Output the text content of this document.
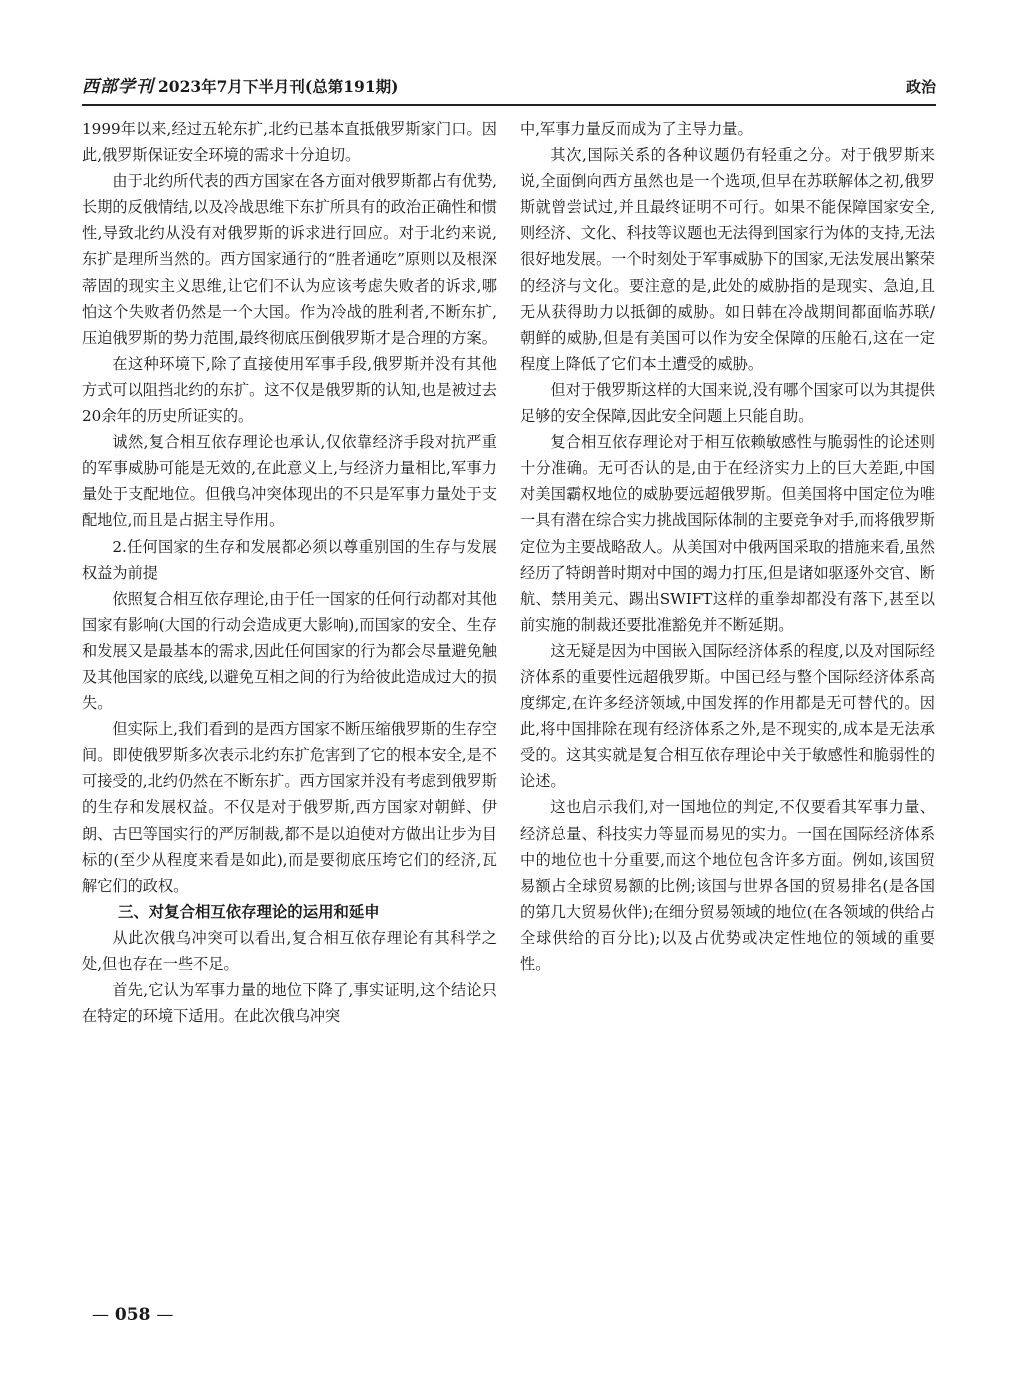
西部学刊 2023年7月下半月刊(总第191期)	政治

1999年以来,经过五轮东扩,北约已基本直抵俄罗斯家门口。因此,俄罗斯保证安全环境的需求十分迫切。

由于北约所代表的西方国家在各方面对俄罗斯都占有优势,长期的反俄情结,以及冷战思维下东扩所具有的政治正确性和惯性,导致北约从没有对俄罗斯的诉求进行回应。对于北约来说,东扩是理所当然的。西方国家通行的“胜者通吃”原则以及根深蒂固的现实主义思维,让它们不认为应该考虑失败者的诉求,哪怕这个失败者仍然是一个大国。作为冷战的胜利者,不断东扩,压迫俄罗斯的势力范围,最终彻底压倒俄罗斯才是合理的方案。

在这种环境下,除了直接使用军事手段,俄罗斯并没有其他方式可以阻挡北约的东扩。这不仅是俄罗斯的认知,也是被过去20余年的历史所证实的。

诚然,复合相互依存理论也承认,仅依靠经济手段对抗严重的军事威胁可能是无效的,在此意义上,与经济力量相比,军事力量处于支配地位。但俄乌冲突体现出的不只是军事力量处于支配地位,而且是占据主导作用。

2.任何国家的生存和发展都必须以尊重别国的生存与发展权益为前提

依照复合相互依存理论,由于任一国家的任何行动都对其他国家有影响(大国的行动会造成更大影响),而国家的安全、生存和发展又是最基本的需求,因此任何国家的行为都会尽量避免触及其他国家的底线,以避免互相之间的行为给彼此造成过大的损失。

但实际上,我们看到的是西方国家不断压缩俄罗斯的生存空间。即使俄罗斯多次表示北约东扩危害到了它的根本安全,是不可接受的,北约仍然在不断东扩。西方国家并没有考虑到俄罗斯的生存和发展权益。不仅是对于俄罗斯,西方国家对朝鲜、伊朗、古巴等国实行的严厉制裁,都不是以迫使对方做出让步为目标的(至少从程度来看是如此),而是要彻底压垮它们的经济,瓦解它们的政权。

三、对复合相互依存理论的运用和延申

从此次俄乌冲突可以看出,复合相互依存理论有其科学之处,但也存在一些不足。

首先,它认为军事力量的地位下降了,事实证明,这个结论只在特定的环境下适用。在此次俄乌冲突

中,军事力量反而成为了主导力量。

其次,国际关系的各种议题仍有轻重之分。对于俄罗斯来说,全面倒向西方虽然也是一个选项,但早在苏联解体之初,俄罗斯就曾尝试过,并且最终证明不可行。如果不能保障国家安全,则经济、文化、科技等议题也无法得到国家行为体的支持,无法很好地发展。一个时刻处于军事威胁下的国家,无法发展出繁荣的经济与文化。要注意的是,此处的威胁指的是现实、急迫,且无从获得助力以抵御的威胁。如日韩在冷战期间都面临苏联/朝鲜的威胁,但是有美国可以作为安全保障的压舱石,这在一定程度上降低了它们本土遭受的威胁。

但对于俄罗斯这样的大国来说,没有哪个国家可以为其提供足够的安全保障,因此安全问题上只能自助。

复合相互依存理论对于相互依赖敏感性与脆弱性的论述则十分准确。无可否认的是,由于在经济实力上的巨大差距,中国对美国霸权地位的威胁要远超俄罗斯。但美国将中国定位为唯一具有潜在综合实力挑战国际体制的主要竞争对手,而将俄罗斯定位为主要战略敌人。从美国对中俄两国采取的措施来看,虽然经历了特朗普时期对中国的竭力打压,但是诸如驱逐外交官、断航、禁用美元、踢出SWIFT这样的重拳却都没有落下,甚至以前实施的制裁还要批准豁免并不断延期。

这无疑是因为中国嵌入国际经济体系的程度,以及对国际经济体系的重要性远超俄罗斯。中国已经与整个国际经济体系高度绑定,在许多经济领域,中国发挥的作用都是无可替代的。因此,将中国排除在现有经济体系之外,是不现实的,成本是无法承受的。这其实就是复合相互依存理论中关于敏感性和脆弱性的论述。

这也启示我们,对一国地位的判定,不仅要看其军事力量、经济总量、科技实力等显而易见的实力。一国在国际经济体系中的地位也十分重要,而这个地位包含许多方面。例如,该国贸易额占全球贸易额的比例;该国与世界各国的贸易排名(是各国的第几大贸易伙伴);在细分贸易领域的地位(在各领域的供给占全球供给的百分比);以及占优势或决定性地位的领域的重要性。

— 058 —
